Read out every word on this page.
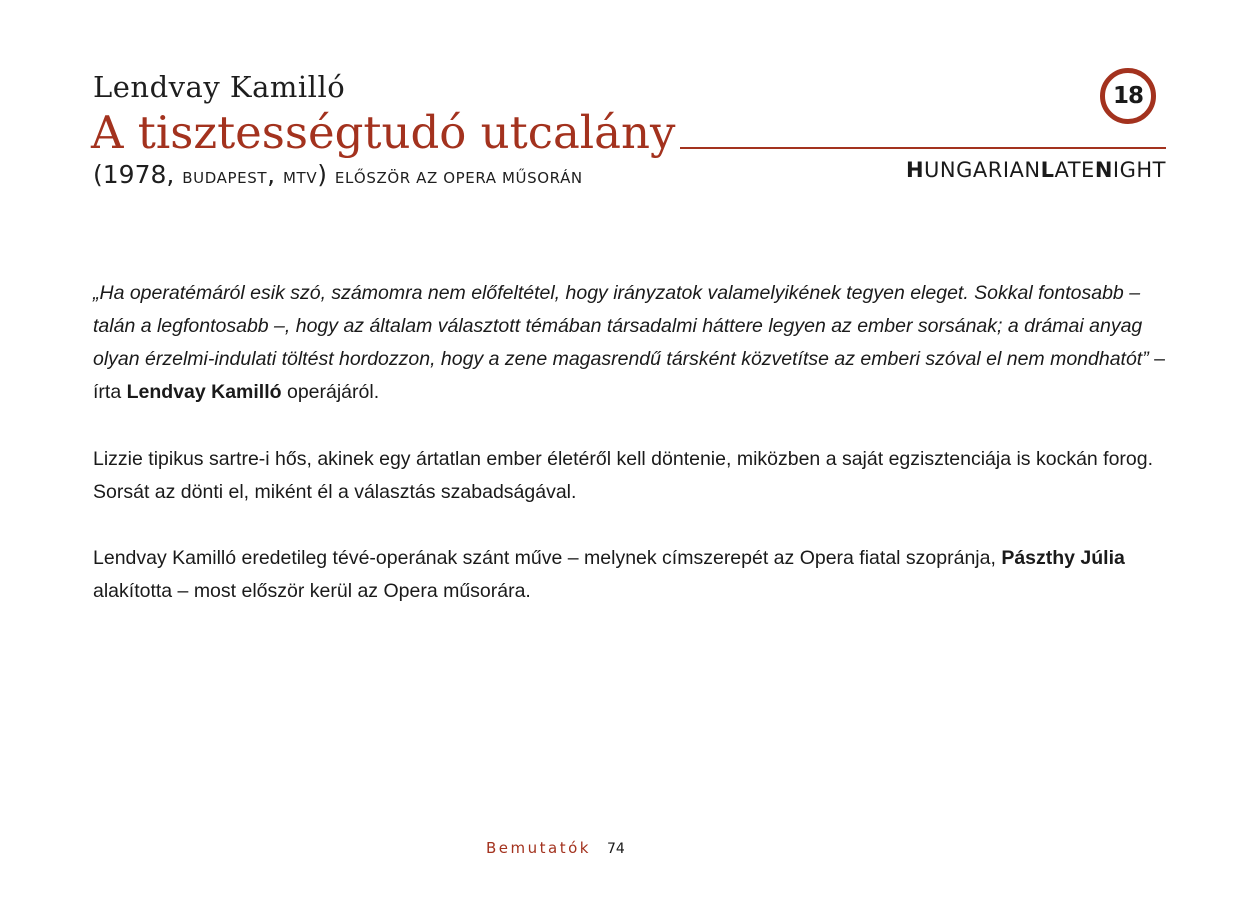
Lendvay Kamilló
A tisztességtudó utcalány
(1978, BUDAPEST, MTV) ELŐSZÖR AZ OPERA MŰSORÁN
18
HUNGARIANLATENIGHT

„Ha operatémáról esik szó, számomra nem előfeltétel, hogy irányzatok valamelyikének tegyen eleget. Sokkal fontosabb – talán a legfontosabb –, hogy az általam választott témában társadalmi háttere legyen az ember sorsának; a drámai anyag olyan érzelmi-indulati töltést hordozzon, hogy a zene magasrendű társként közvetítse az emberi szóval el nem mondhatót” – írta Lendvay Kamilló operájáról.

Lizzie tipikus sartre-i hős, akinek egy ártatlan ember életéről kell döntenie, miközben a saját egzisztenciája is kockán forog. Sorsát az dönti el, miként él a választás szabadságával.

Lendvay Kamilló eredetileg tévé-operának szánt műve – melynek címszerepét az Opera fiatal szopránja, Pászthy Júlia alakította – most először kerül az Opera műsorára.

Bemutatók 74
